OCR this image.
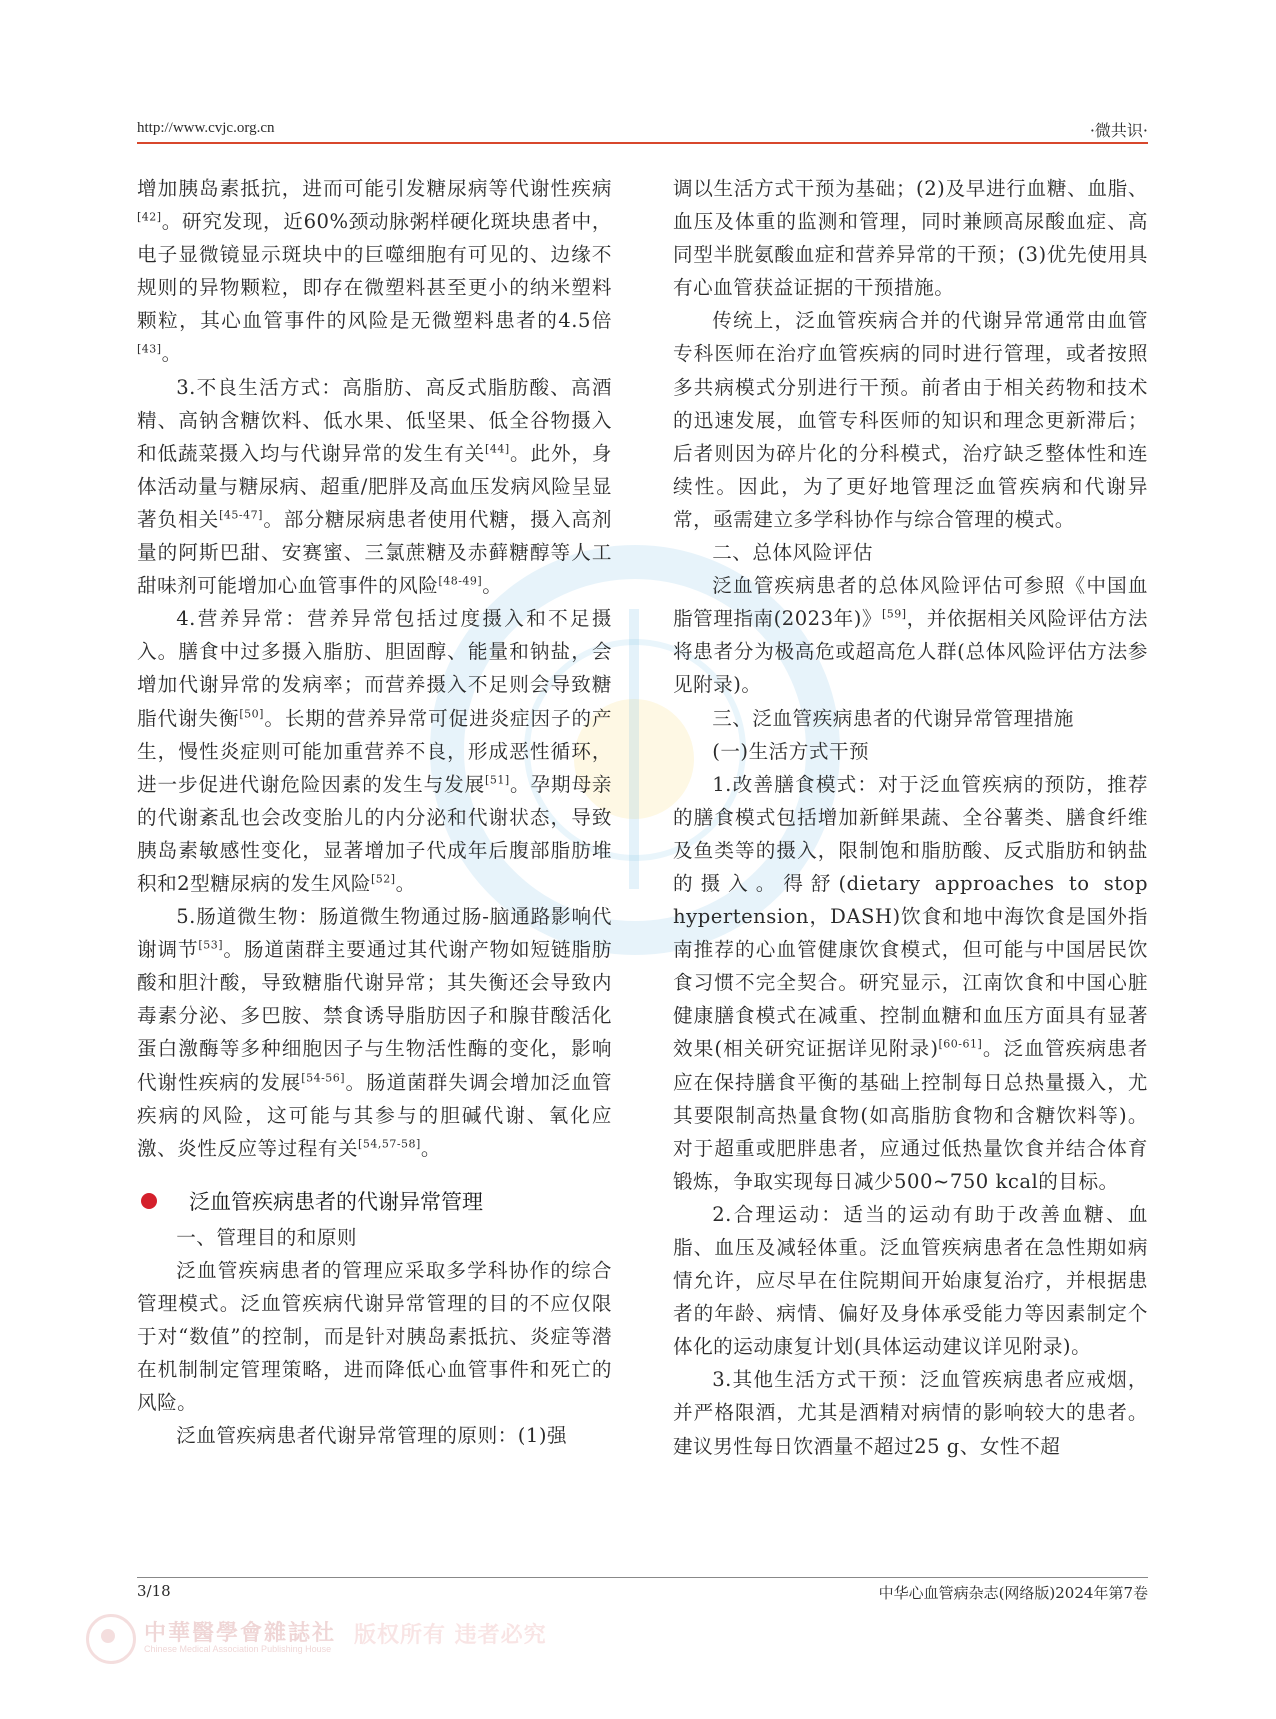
http://www.cvjc.org.cn	·微共识·

增加胰岛素抵抗，进而可能引发糖尿病等代谢性疾病[42]。研究发现，近60%颈动脉粥样硬化斑块患者中，电子显微镜显示斑块中的巨噬细胞有可见的、边缘不规则的异物颗粒，即存在微塑料甚至更小的纳米塑料颗粒，其心血管事件的风险是无微塑料患者的4.5倍[43]。

3.不良生活方式：高脂肪、高反式脂肪酸、高酒精、高钠含糖饮料、低水果、低坚果、低全谷物摄入和低蔬菜摄入均与代谢异常的发生有关[44]。此外，身体活动量与糖尿病、超重/肥胖及高血压发病风险呈显著负相关[45-47]。部分糖尿病患者使用代糖，摄入高剂量的阿斯巴甜、安赛蜜、三氯蔗糖及赤藓糖醇等人工甜味剂可能增加心血管事件的风险[48-49]。

4.营养异常：营养异常包括过度摄入和不足摄入。膳食中过多摄入脂肪、胆固醇、能量和钠盐，会增加代谢异常的发病率；而营养摄入不足则会导致糖脂代谢失衡[50]。长期的营养异常可促进炎症因子的产生，慢性炎症则可能加重营养不良，形成恶性循环，进一步促进代谢危险因素的发生与发展[51]。孕期母亲的代谢紊乱也会改变胎儿的内分泌和代谢状态，导致胰岛素敏感性变化，显著增加子代成年后腹部脂肪堆积和2型糖尿病的发生风险[52]。

5.肠道微生物：肠道微生物通过肠-脑通路影响代谢调节[53]。肠道菌群主要通过其代谢产物如短链脂肪酸和胆汁酸，导致糖脂代谢异常；其失衡还会导致内毒素分泌、多巴胺、禁食诱导脂肪因子和腺苷酸活化蛋白激酶等多种细胞因子与生物活性酶的变化，影响代谢性疾病的发展[54-56]。肠道菌群失调会增加泛血管疾病的风险，这可能与其参与的胆碱代谢、氧化应激、炎性反应等过程有关[54,57-58]。

泛血管疾病患者的代谢异常管理

一、管理目的和原则

泛血管疾病患者的管理应采取多学科协作的综合管理模式。泛血管疾病代谢异常管理的目的不应仅限于对“数值”的控制，而是针对胰岛素抵抗、炎症等潜在机制制定管理策略，进而降低心血管事件和死亡的风险。

泛血管疾病患者代谢异常管理的原则：(1)强

调以生活方式干预为基础；(2)及早进行血糖、血脂、血压及体重的监测和管理，同时兼顾高尿酸血症、高同型半胱氨酸血症和营养异常的干预；(3)优先使用具有心血管获益证据的干预措施。

传统上，泛血管疾病合并的代谢异常通常由血管专科医师在治疗血管疾病的同时进行管理，或者按照多共病模式分别进行干预。前者由于相关药物和技术的迅速发展，血管专科医师的知识和理念更新滞后；后者则因为碎片化的分科模式，治疗缺乏整体性和连续性。因此，为了更好地管理泛血管疾病和代谢异常，亟需建立多学科协作与综合管理的模式。

二、总体风险评估

泛血管疾病患者的总体风险评估可参照《中国血脂管理指南(2023年)》[59]，并依据相关风险评估方法将患者分为极高危或超高危人群(总体风险评估方法参见附录)。

三、泛血管疾病患者的代谢异常管理措施

(一)生活方式干预

1.改善膳食模式：对于泛血管疾病的预防，推荐的膳食模式包括增加新鲜果蔬、全谷薯类、膳食纤维及鱼类等的摄入，限制饱和脂肪酸、反式脂肪和钠盐的摄入。得舒(dietary approaches to stop hypertension，DASH)饮食和地中海饮食是国外指南推荐的心血管健康饮食模式，但可能与中国居民饮食习惯不完全契合。研究显示，江南饮食和中国心脏健康膳食模式在减重、控制血糖和血压方面具有显著效果(相关研究证据详见附录)[60-61]。泛血管疾病患者应在保持膳食平衡的基础上控制每日总热量摄入，尤其要限制高热量食物(如高脂肪食物和含糖饮料等)。对于超重或肥胖患者，应通过低热量饮食并结合体育锻炼，争取实现每日减少500~750 kcal的目标。

2.合理运动：适当的运动有助于改善血糖、血脂、血压及减轻体重。泛血管疾病患者在急性期如病情允许，应尽早在住院期间开始康复治疗，并根据患者的年龄、病情、偏好及身体承受能力等因素制定个体化的运动康复计划(具体运动建议详见附录)。

3.其他生活方式干预：泛血管疾病患者应戒烟，并严格限酒，尤其是酒精对病情的影响较大的患者。建议男性每日饮酒量不超过25 g、女性不超

3/18	中华心血管病杂志(网络版)2024年第7卷
中華醫學會雜誌社
Chinese Medical Association Publishing House
版权所有 违者必究
